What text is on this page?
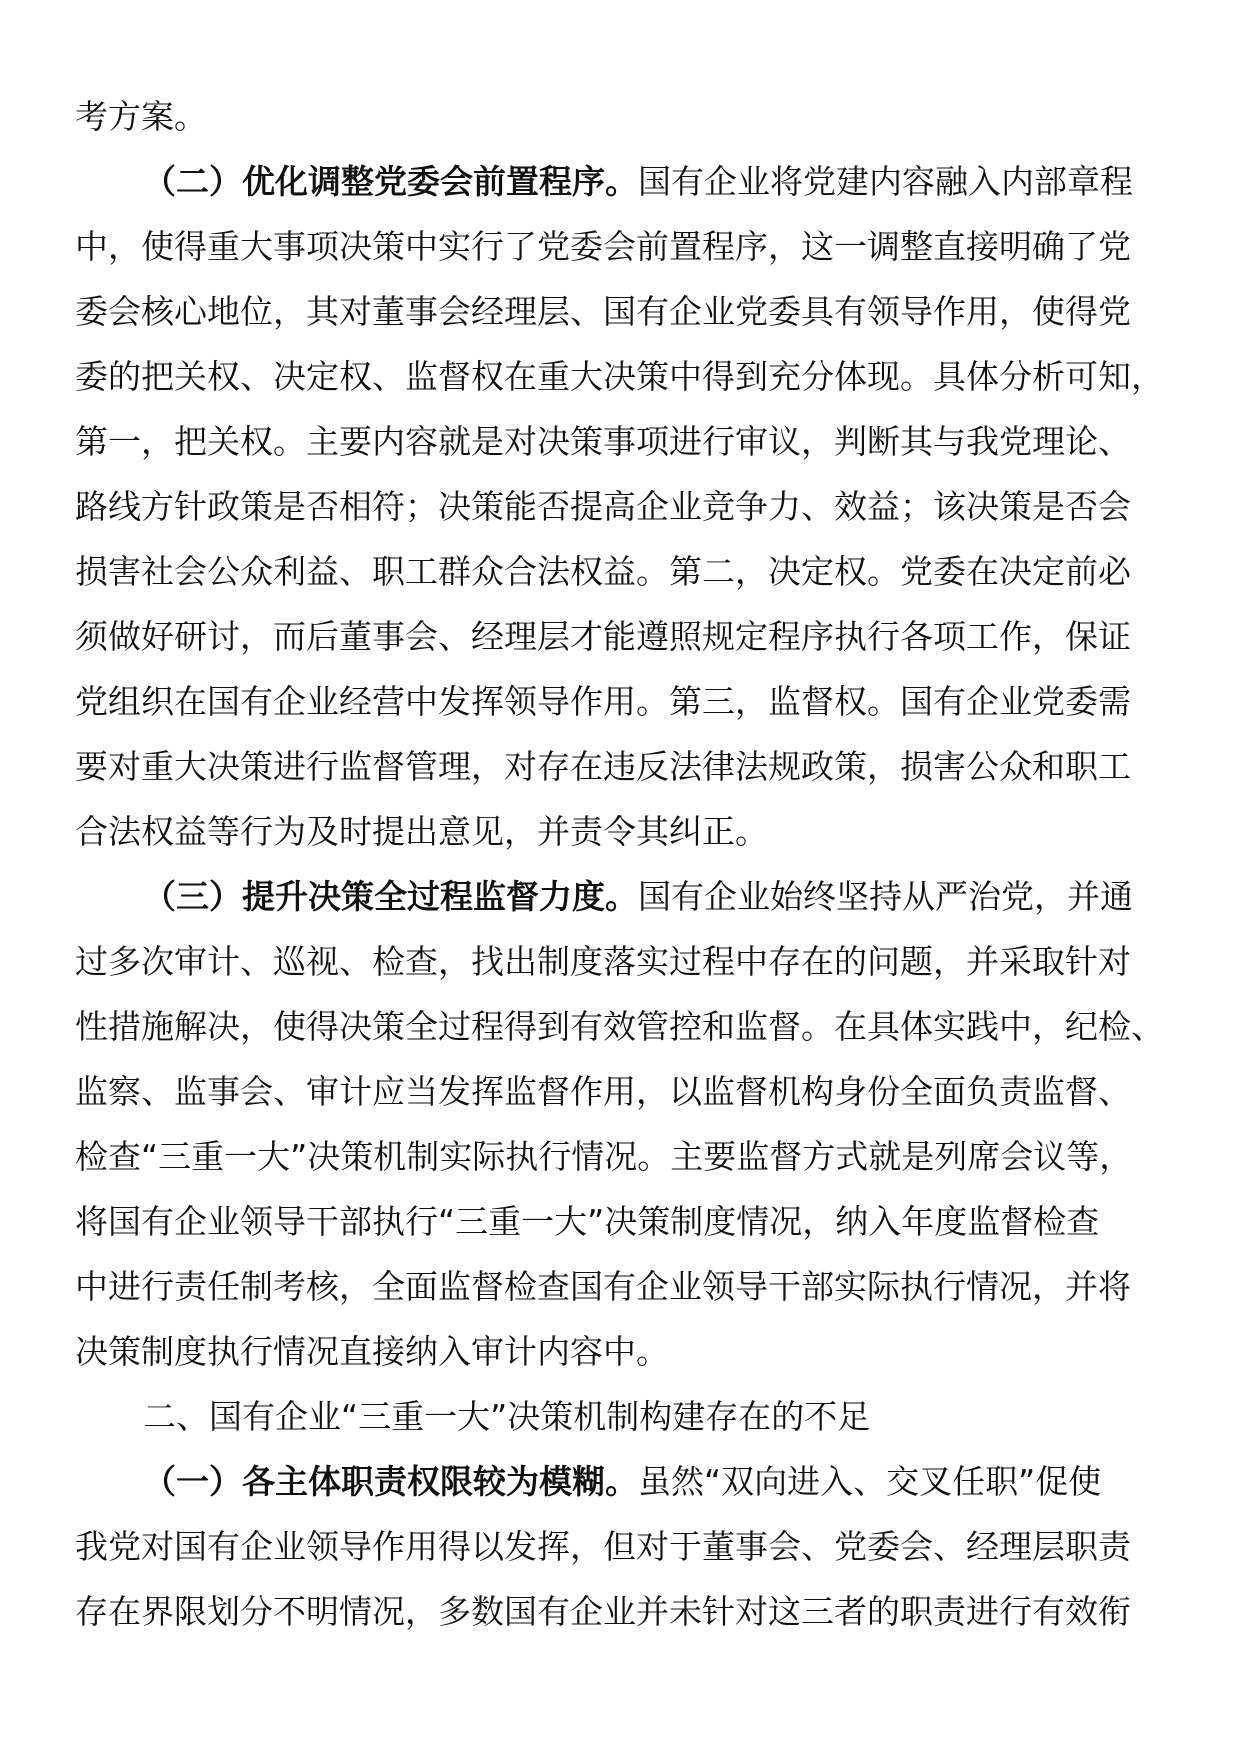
考方案。
（二）优化调整党委会前置程序。国有企业将党建内容融入内部章程
中，使得重大事项决策中实行了党委会前置程序，这一调整直接明确了党
委会核心地位，其对董事会经理层、国有企业党委具有领导作用，使得党
委的把关权、决定权、监督权在重大决策中得到充分体现。具体分析可知，
第一，把关权。主要内容就是对决策事项进行审议，判断其与我党理论、
路线方针政策是否相符；决策能否提高企业竞争力、效益；该决策是否会
损害社会公众利益、职工群众合法权益。第二，决定权。党委在决定前必
须做好研讨，而后董事会、经理层才能遵照规定程序执行各项工作，保证
党组织在国有企业经营中发挥领导作用。第三，监督权。国有企业党委需
要对重大决策进行监督管理，对存在违反法律法规政策，损害公众和职工
合法权益等行为及时提出意见，并责令其纠正。
（三）提升决策全过程监督力度。国有企业始终坚持从严治党，并通
过多次审计、巡视、检查，找出制度落实过程中存在的问题，并采取针对
性措施解决，使得决策全过程得到有效管控和监督。在具体实践中，纪检、
监察、监事会、审计应当发挥监督作用，以监督机构身份全面负责监督、
检查“三重一大”决策机制实际执行情况。主要监督方式就是列席会议等，
将国有企业领导干部执行“三重一大”决策制度情况，纳入年度监督检查
中进行责任制考核，全面监督检查国有企业领导干部实际执行情况，并将
决策制度执行情况直接纳入审计内容中。
二、国有企业“三重一大”决策机制构建存在的不足
（一）各主体职责权限较为模糊。虽然“双向进入、交叉任职”促使
我党对国有企业领导作用得以发挥，但对于董事会、党委会、经理层职责
存在界限划分不明情况，多数国有企业并未针对这三者的职责进行有效衔
